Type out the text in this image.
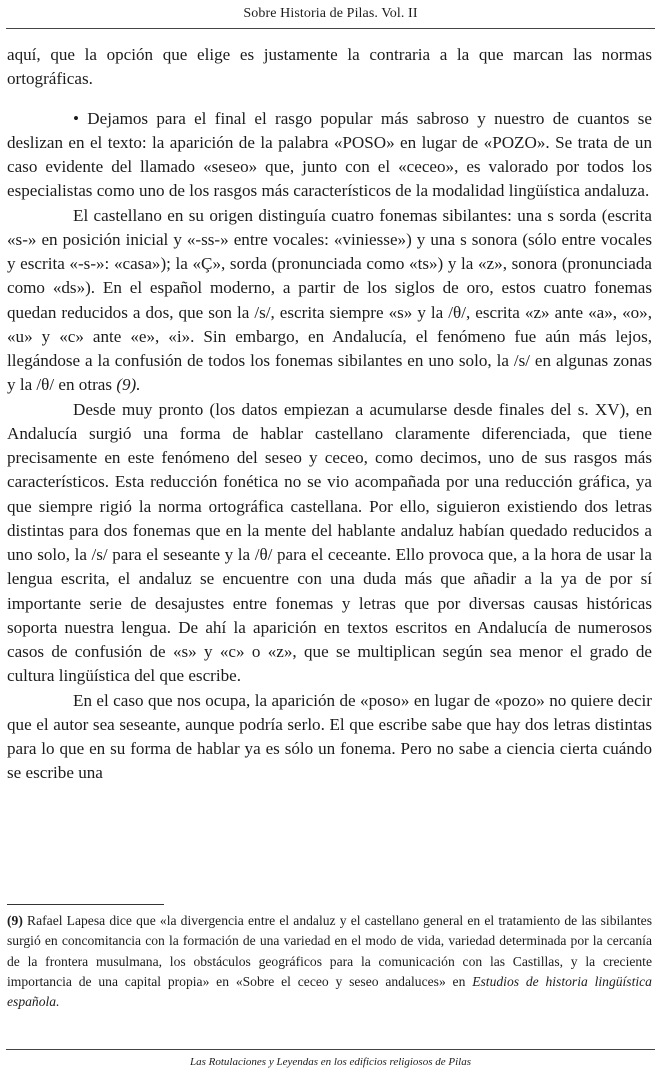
Sobre Historia de Pilas. Vol. II

aquí, que la opción que elige es justamente la contraria a la que marcan las normas ortográficas.

• Dejamos para el final el rasgo popular más sabroso y nuestro de cuantos se deslizan en el texto: la aparición de la palabra «POSO» en lugar de «POZO». Se trata de un caso evidente del llamado «seseo» que, junto con el «ceceo», es valorado por todos los especialistas como uno de los rasgos más característicos de la modalidad lingüística andaluza.

El castellano en su origen distinguía cuatro fonemas sibilantes: una s sorda (escrita «s-» en posición inicial y «-ss-» entre vocales: «viniesse») y una s sonora (sólo entre vocales y escrita «-s-»: «casa»); la «Ç», sorda (pronunciada como «ts») y la «z», sonora (pronunciada como «ds»). En el español moderno, a partir de los siglos de oro, estos cuatro fonemas quedan reducidos a dos, que son la /s/, escrita siempre «s» y la /θ/, escrita «z» ante «a», «o», «u» y «c» ante «e», «i». Sin embargo, en Andalucía, el fenómeno fue aún más lejos, llegándose a la confusión de todos los fonemas sibilantes en uno solo, la /s/ en algunas zonas y la /θ/ en otras (9).

Desde muy pronto (los datos empiezan a acumularse desde finales del s. XV), en Andalucía surgió una forma de hablar castellano claramente diferenciada, que tiene precisamente en este fenómeno del seseo y ceceo, como decimos, uno de sus rasgos más característicos. Esta reducción fonética no se vio acompañada por una reducción gráfica, ya que siempre rigió la norma ortográfica castellana. Por ello, siguieron existiendo dos letras distintas para dos fonemas que en la mente del hablante andaluz habían quedado reducidos a uno solo, la /s/ para el seseante y la /θ/ para el ceceante. Ello provoca que, a la hora de usar la lengua escrita, el andaluz se encuentre con una duda más que añadir a la ya de por sí importante serie de desajustes entre fonemas y letras que por diversas causas históricas soporta nuestra lengua. De ahí la aparición en textos escritos en Andalucía de numerosos casos de confusión de «s» y «c» o «z», que se multiplican según sea menor el grado de cultura lingüística del que escribe.

En el caso que nos ocupa, la aparición de «poso» en lugar de «pozo» no quiere decir que el autor sea seseante, aunque podría serlo. El que escribe sabe que hay dos letras distintas para lo que en su forma de hablar ya es sólo un fonema. Pero no sabe a ciencia cierta cuándo se escribe una

(9) Rafael Lapesa dice que «la divergencia entre el andaluz y el castellano general en el tratamiento de las sibilantes surgió en concomitancia con la formación de una variedad en el modo de vida, variedad determinada por la cercanía de la frontera musulmana, los obstáculos geográficos para la comunicación con las Castillas, y la creciente importancia de una capital propia» en «Sobre el ceceo y seseo andaluces» en Estudios de historia lingüística española.

Las Rotulaciones y Leyendas en los edificios religiosos de Pilas
